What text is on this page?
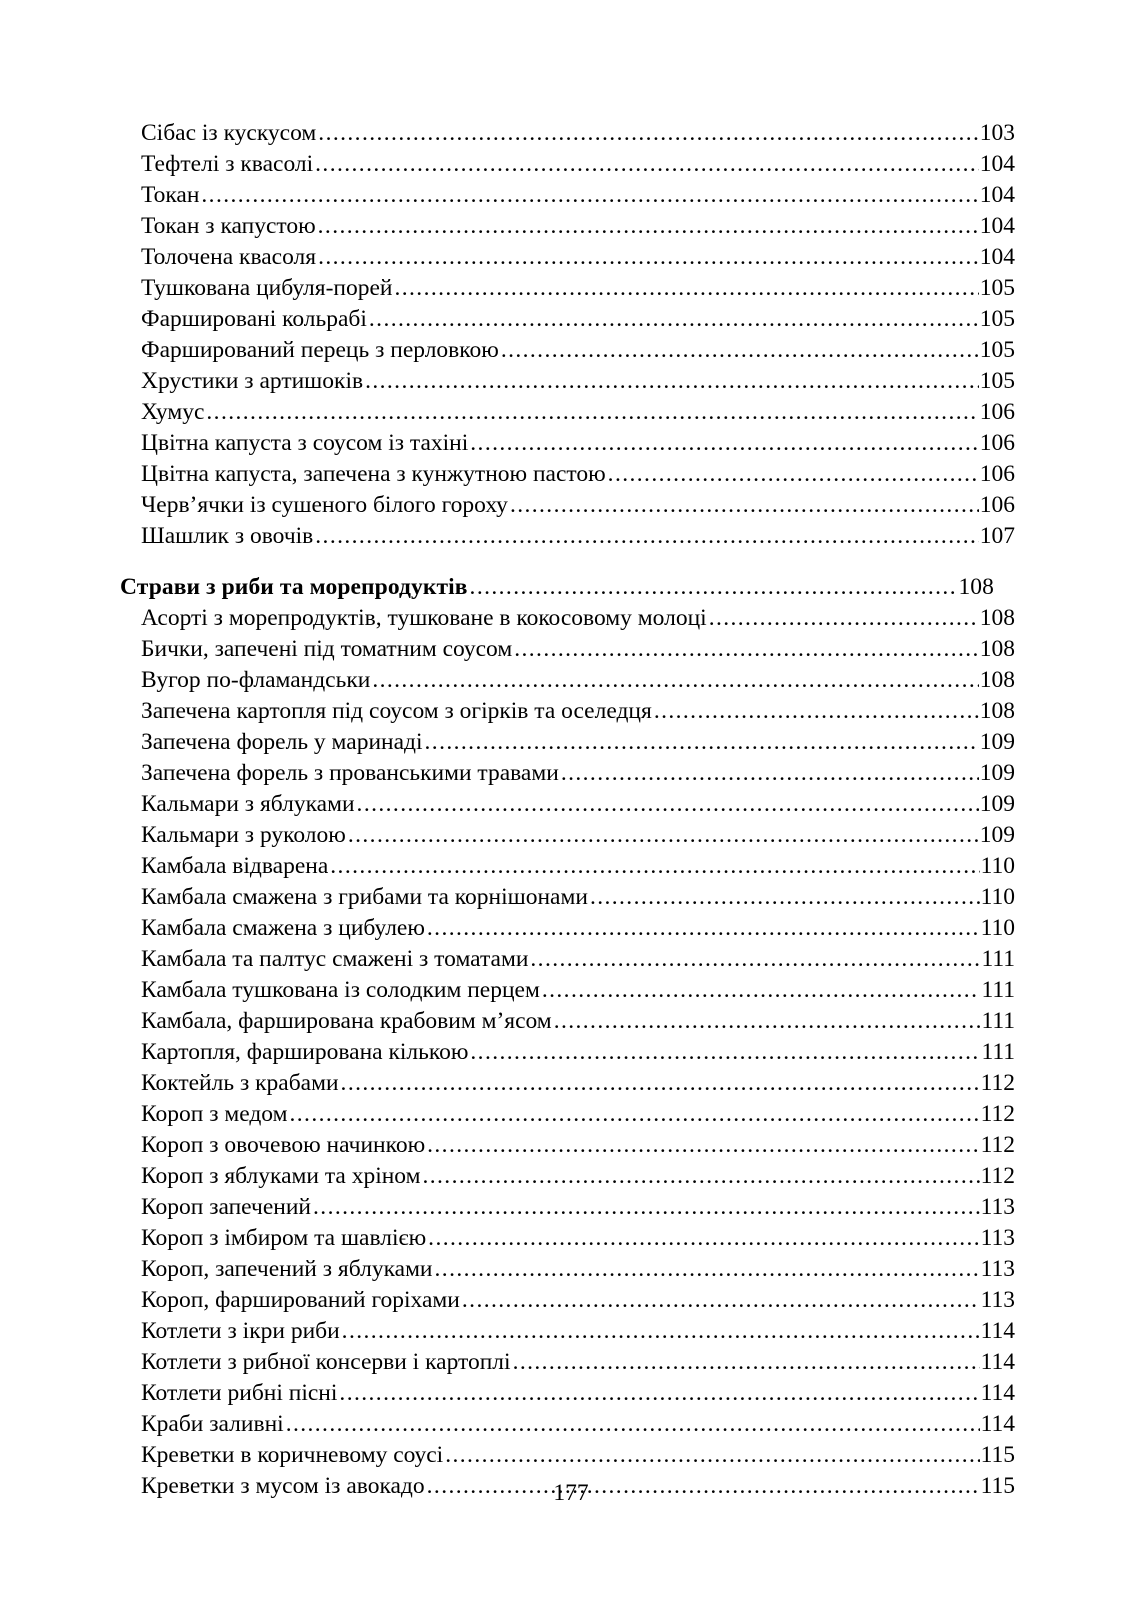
Сібас із кускусом .....	103
Тефтелі з квасолі .....	104
Токан .....	104
Токан з капустою .....	104
Толочена квасоля .....	104
Тушкована цибуля-порей .....	105
Фаршировані кольрабі .....	105
Фарширований перець з перловкою .....	105
Хрустики з артишоків .....	105
Хумус .....	106
Цвітна капуста з соусом із тахіні .....	106
Цвітна капуста, запечена з кунжутною пастою .....	106
Черв’ячки із сушеного білого гороху .....	106
Шашлик з овочів .....	107
Страви з риби та морепродуктів .....	108
Асорті з морепродуктів, тушковане в кокосовому молоці .....	108
Бички, запечені під томатним соусом .....	108
Вугор по-фламандськи .....	108
Запечена картопля під соусом з огірків та оселедця .....	108
Запечена форель у маринаді .....	109
Запечена форель з прованськими травами .....	109
Кальмари з яблуками .....	109
Кальмари з руколою .....	109
Камбала відварена .....	110
Камбала смажена з грибами та корнішонами .....	110
Камбала смажена з цибулею .....	110
Камбала та палтус смажені з томатами .....	111
Камбала тушкована із солодким перцем .....	111
Камбала, фарширована крабовим м’ясом .....	111
Картопля, фарширована кількою .....	111
Коктейль з крабами .....	112
Короп з медом .....	112
Короп з овочевою начинкою .....	112
Короп з яблуками та хріном .....	112
Короп запечений .....	113
Короп з імбиром та шавлією .....	113
Короп, запечений з яблуками .....	113
Короп, фарширований горіхами .....	113
Котлети з ікри риби .....	114
Котлети з рибної консерви і картоплі .....	114
Котлети рибні пісні .....	114
Краби заливні .....	114
Креветки в коричневому соусі .....	115
Креветки з мусом із авокадо .....	115
177
